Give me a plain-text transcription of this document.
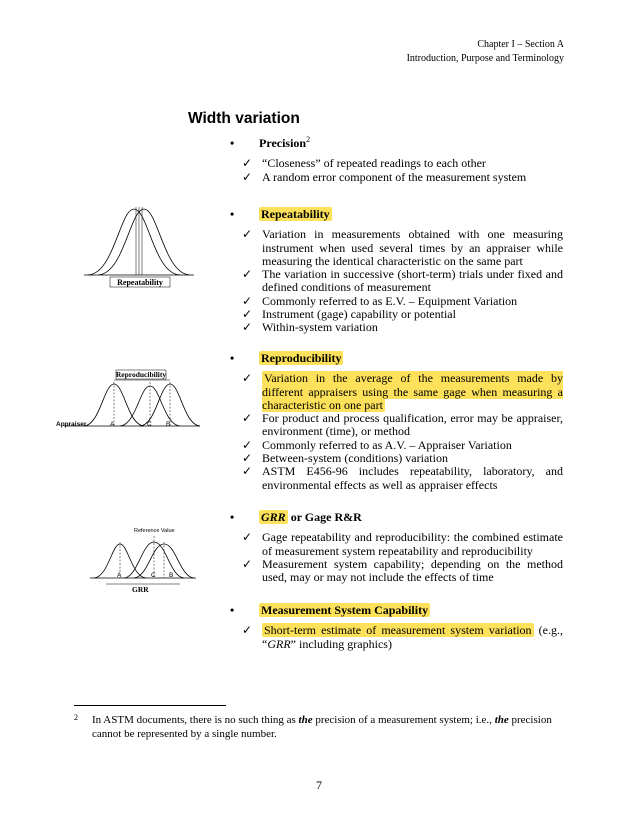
Chapter I – Section A
Introduction, Purpose and Terminology
Width variation
• Precision$^2$
✓ “Closeness” of repeated readings to each other
✓ A random error component of the measurement system
• Repeatability
✓ Variation in measurements obtained with one measuring instrument when used several times by an appraiser while measuring the identical characteristic on the same part
✓ The variation in successive (short-term) trials under fixed and defined conditions of measurement
✓ Commonly referred to as E.V. – Equipment Variation
✓ Instrument (gage) capability or potential
✓ Within-system variation
• Reproducibility
✓ Variation in the average of the measurements made by different appraisers using the same gage when measuring a characteristic on one part
✓ For product and process qualification, error may be appraiser, environment (time), or method
✓ Commonly referred to as A.V. – Appraiser Variation
✓ Between-system (conditions) variation
✓ ASTM E456-96 includes repeatability, laboratory, and environmental effects as well as appraiser effects
• GRR or Gage R&R
✓ Gage repeatability and reproducibility: the combined estimate of measurement system repeatability and reproducibility
✓ Measurement system capability; depending on the method used, may or may not include the effects of time
• Measurement System Capability
✓ Short-term estimate of measurement system variation (e.g., “GRR” including graphics)
Repeatability
Reproducibility
Appraiser	A	C B
Reference Value
A	C B
GRR
2	In ASTM documents, there is no such thing as the precision of a measurement system; i.e., the precision cannot be represented by a single number.
7
